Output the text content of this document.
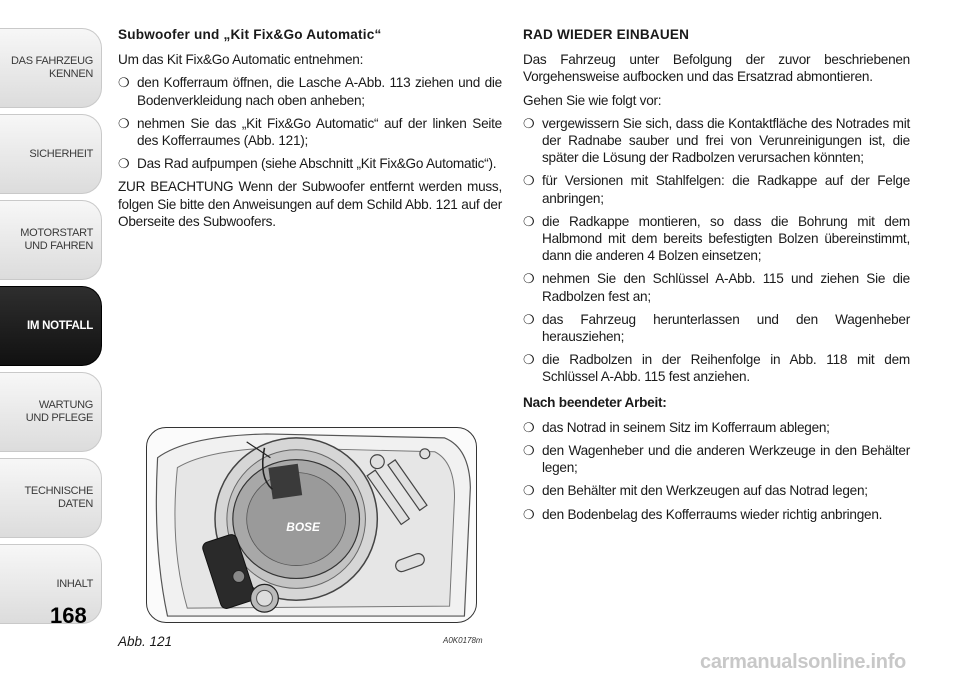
DAS FAHRZEUG
KENNEN
SICHERHEIT
MOTORSTART
UND FAHREN
IM NOTFALL
WARTUNG
UND PFLEGE
TECHNISCHE
DATEN
INHALT
168
Subwoofer und „Kit Fix&Go Automatic“

Um das Kit Fix&Go Automatic entnehmen:

❍ den Kofferraum öffnen, die Lasche A-Abb. 113 ziehen und die Bodenverkleidung nach oben anheben;
❍ nehmen Sie das „Kit Fix&Go Automatic“ auf der linken Seite des Kofferraumes (Abb. 121);
❍ Das Rad aufpumpen (siehe Abschnitt „Kit Fix&Go Automatic“).

ZUR BEACHTUNG Wenn der Subwoofer entfernt werden muss, folgen Sie bitte den Anweisungen auf dem Schild Abb. 121 auf der Oberseite des Subwoofers.

BOSE
Abb. 121	A0K0178m
RAD WIEDER EINBAUEN

Das Fahrzeug unter Befolgung der zuvor beschriebenen Vorgehensweise aufbocken und das Ersatzrad abmontieren.

Gehen Sie wie folgt vor:

❍ vergewissern Sie sich, dass die Kontaktfläche des Notrades mit der Radnabe sauber und frei von Verunreinigungen ist, die später die Lösung der Radbolzen verursachen könnten;
❍ für Versionen mit Stahlfelgen: die Radkappe auf der Felge anbringen;
❍ die Radkappe montieren, so dass die Bohrung mit dem Halbmond mit dem bereits befestigten Bolzen übereinstimmt, dann die anderen 4 Bolzen einsetzen;
❍ nehmen Sie den Schlüssel A-Abb. 115 und ziehen Sie die Radbolzen fest an;
❍ das Fahrzeug herunterlassen und den Wagenheber herausziehen;
❍ die Radbolzen in der Reihenfolge in Abb. 118 mit dem Schlüssel A-Abb. 115 fest anziehen.
Nach beendeter Arbeit:
❍ das Notrad in seinem Sitz im Kofferraum ablegen;
❍ den Wagenheber und die anderen Werkzeuge in den Behälter legen;
❍ den Behälter mit den Werkzeugen auf das Notrad legen;
❍ den Bodenbelag des Kofferraums wieder richtig anbringen.
carmanualsonline.info
